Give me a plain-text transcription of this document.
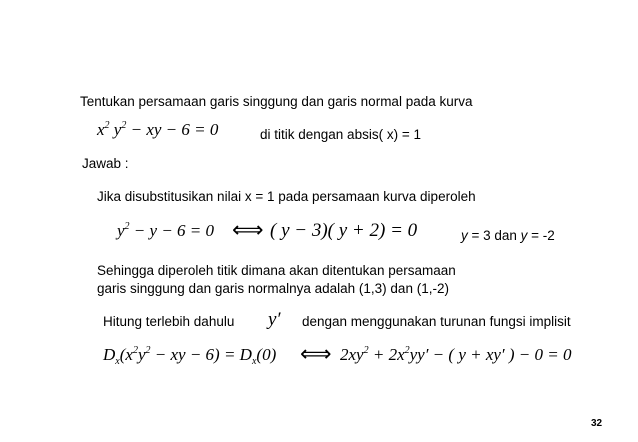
Tentukan persamaan garis singgung dan garis normal pada kurva
$x^2$ $y^2$ − xy − 6 = 0	di titik dengan absis( x) = 1
Jawab :
Jika disubstitusikan nilai x = 1 pada persamaan kurva diperoleh
$y^2 - y - 6 = 0$ ⟺ ( y − 3)( y + 2) = 0	y = 3 dan y = -2
Sehingga diperoleh titik dimana akan ditentukan persamaan
garis singgung dan garis normalnya adalah (1,3) dan (1,-2)
Hitung terlebih dahulu y′ dengan menggunakan turunan fungsi implisit
$D_x(x^2y^2$ − xy − $6) = D_x(0)$ ⟺ $2xy^2 + 2x^2yy'$ − ( y + xy′ ) − 0 = 0
32
